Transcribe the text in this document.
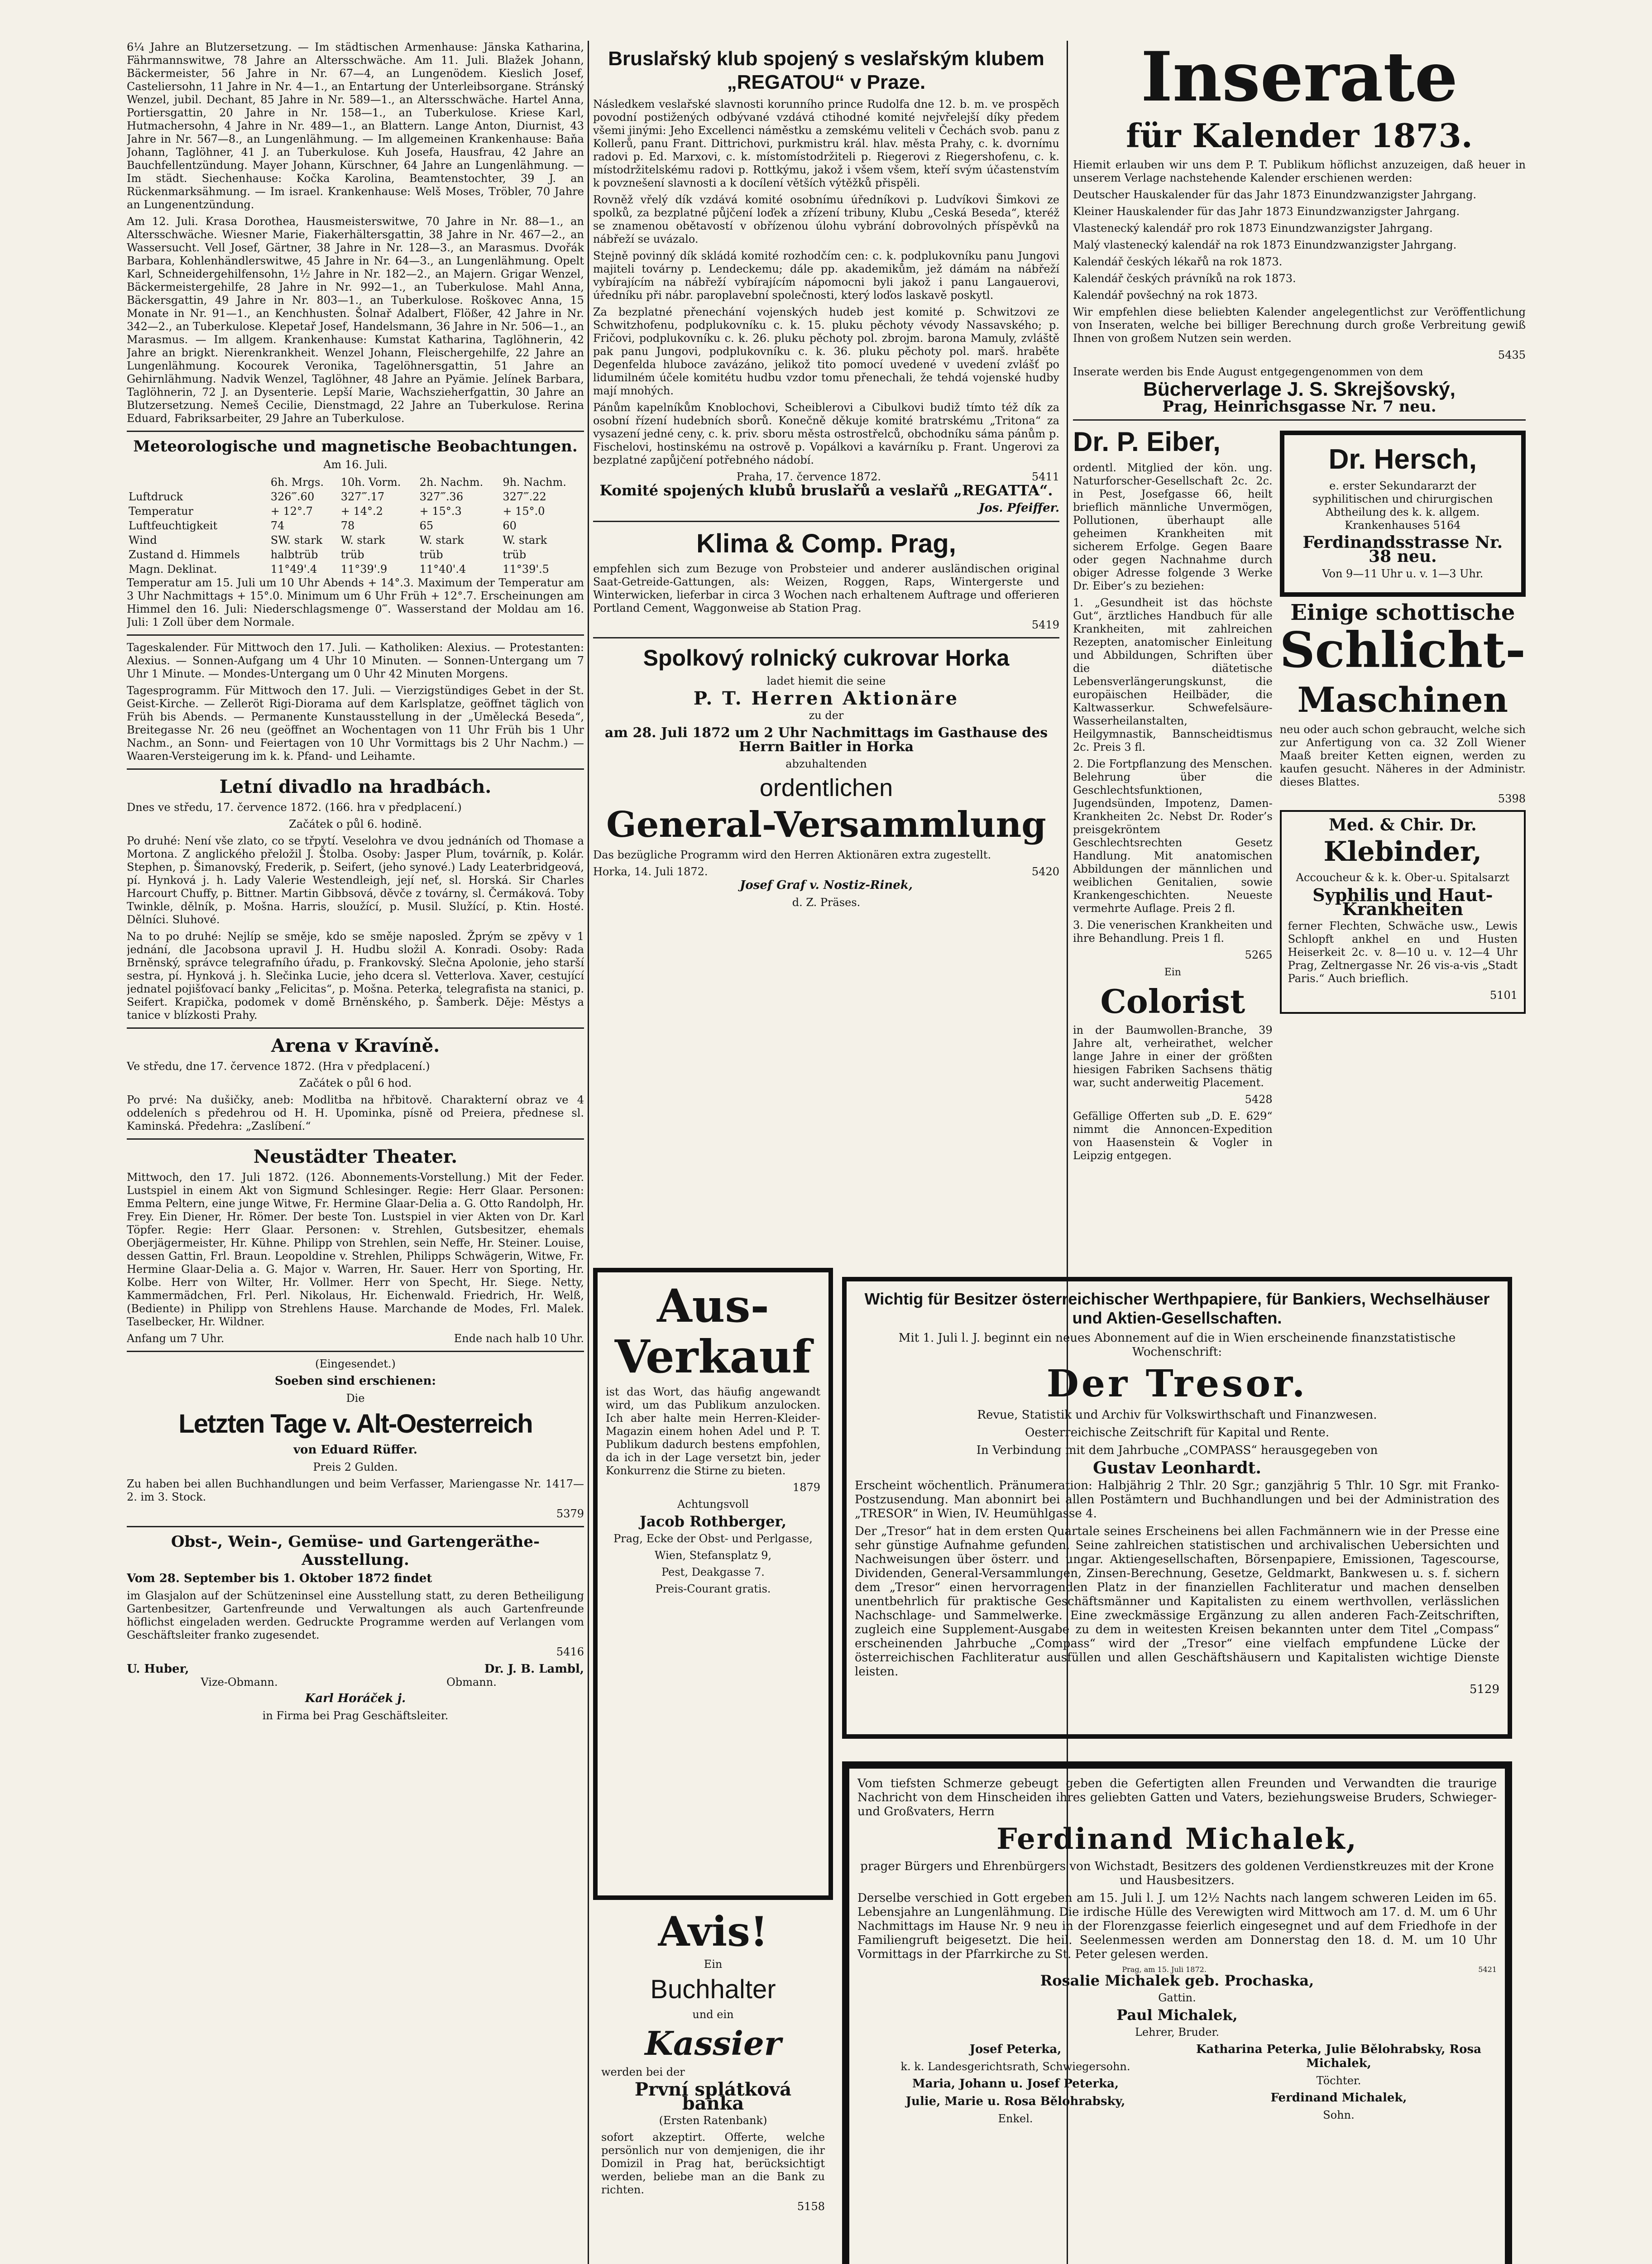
6¼ Jahre an Blutzersetzung. — Im städtischen Armenhause: Jänska Katharina, Fährmannswitwe, 78 Jahre an Altersschwäche. Am 11. Juli. Blažek Johann, Bäckermeister, 56 Jahre in Nr. 67—4, an Lungenödem. Kieslich Josef, Casteliersohn, 11 Jahre in Nr. 4—1., an Entartung der Unterleibsorgane. Stránský Wenzel, jubil. Dechant, 85 Jahre in Nr. 589—1., an Altersschwäche. Hartel Anna, Portiersgattin, 20 Jahre in Nr. 158—1., an Tuberkulose. Kriese Karl, Hutmachersohn, 4 Jahre in Nr. 489—1., an Blattern. Lange Anton, Diurnist, 43 Jahre in Nr. 567—8., an Lungenlähmung. — Im allgemeinen Krankenhause: Baňa Johann, Taglöhner, 41 J. an Tuberkulose. Kuh Josefa, Hausfrau, 42 Jahre an Bauchfellentzündung. Mayer Johann, Kürschner, 64 Jahre an Lungenlähmung. — Im städt. Siechenhause: Kočka Karolina, Beamtenstochter, 39 J. an Rückenmarksähmung. — Im israel. Krankenhause: Welš Moses, Tröbler, 70 Jahre an Lungenentzündung.

Am 12. Juli. Krasa Dorothea, Hausmeisterswitwe, 70 Jahre in Nr. 88—1., an Altersschwäche. Wiesner Marie, Fiakerhältersgattin, 38 Jahre in Nr. 467—2., an Wassersucht. Vell Josef, Gärtner, 38 Jahre in Nr. 128—3., an Marasmus. Dvořák Barbara, Kohlenhändlerswitwe, 45 Jahre in Nr. 64—3., an Lungenlähmung. Opelt Karl, Schneidergehilfensohn, 1½ Jahre in Nr. 182—2., an Majern. Grigar Wenzel, Bäckermeistergehilfe, 28 Jahre in Nr. 992—1., an Tuberkulose. Mahl Anna, Bäckersgattin, 49 Jahre in Nr. 803—1., an Tuberkulose. Roškovec Anna, 15 Monate in Nr. 91—1., an Kenchhusten. Šolnař Adalbert, Flößer, 42 Jahre in Nr. 342—2., an Tuberkulose. Klepetař Josef, Handelsmann, 36 Jahre in Nr. 506—1., an Marasmus. — Im allgem. Krankenhause: Kumstat Katharina, Taglöhnerin, 42 Jahre an brigkt. Nierenkrankheit. Wenzel Johann, Fleischergehilfe, 22 Jahre an Lungenlähmung. Kocourek Veronika, Tagelöhnersgattin, 51 Jahre an Gehirnlähmung. Nadvik Wenzel, Taglöhner, 48 Jahre an Pyämie. Jelínek Barbara, Taglöhnerin, 72 J. an Dysenterie. Lepší Marie, Wachszieherfgattin, 30 Jahre an Blutzersetzung. Nemeš Cecilie, Dienstmagd, 22 Jahre an Tuberkulose. Rerina Eduard, Fabriksarbeiter, 29 Jahre an Tuberkulose.

Meteorologische und magnetische Beobachtungen.

Am 16. Juli.

	6h. Mrgs.	10h. Vorm.	2h. Nachm.	9h. Nachm.
Luftdruck	326‴.60	327‴.17	327‴.36	327‴.22
Temperatur	+ 12°.7	+ 14°.2	+ 15°.3	+ 15°.0
Luftfeuchtigkeit	74	78	65	60
Wind	SW. stark	W. stark	W. stark	W. stark
Zustand d. Himmels	halbtrüb	trüb	trüb	trüb
Magn. Deklinat.	11°49'.4	11°39'.9	11°40'.4	11°39'.5

Temperatur am 15. Juli um 10 Uhr Abends + 14°.3. Maximum der Temperatur am 3 Uhr Nachmittags + 15°.0. Minimum um 6 Uhr Früh + 12°.7. Erscheinungen am Himmel den 16. Juli: Niederschlagsmenge 0‴. Wasserstand der Moldau am 16. Juli: 1 Zoll über dem Normale.

Tageskalender. Für Mittwoch den 17. Juli. — Katholiken: Alexius. — Protestanten: Alexius. — Sonnen-Aufgang um 4 Uhr 10 Minuten. — Sonnen-Untergang um 7 Uhr 1 Minute. — Mondes-Untergang um 0 Uhr 42 Minuten Morgens.

Tagesprogramm. Für Mittwoch den 17. Juli. — Vierzigstündiges Gebet in der St. Geist-Kirche. — Zelleröt Rigi-Diorama auf dem Karlsplatze, geöffnet täglich von Früh bis Abends. — Permanente Kunstausstellung in der „Umělecká Beseda“, Breitegasse Nr. 26 neu (geöffnet an Wochentagen von 11 Uhr Früh bis 1 Uhr Nachm., an Sonn- und Feiertagen von 10 Uhr Vormittags bis 2 Uhr Nachm.) — Waaren-Versteigerung im k. k. Pfand- und Leihamte.

Letní divadlo na hradbách.

Dnes ve středu, 17. července 1872. (166. hra v předplacení.)

Začátek o půl 6. hodině.

Po druhé: Není vše zlato, co se třpytí. Veselohra ve dvou jednáních od Thomase a Mortona. Z anglického přeložil J. Štolba. Osoby: Jasper Plum, továrník, p. Kolár. Stephen, p. Šimanovský, Frederik, p. Seifert, (jeho synové.) Lady Leaterbridgeová, pí. Hynková j. h. Lady Valerie Westendleigh, její neť, sl. Horská. Sir Charles Harcourt Chuffy, p. Bittner. Martin Gibbsová, děvče z továrny, sl. Čermáková. Toby Twinkle, dělník, p. Mošna. Harris, sloužící, p. Musil. Služící, p. Ktin. Hosté. Dělníci. Sluhové.

Na to po druhé: Nejlíp se směje, kdo se směje naposled. Žprým se zpěvy v 1 jednání, dle Jacobsona upravil J. H. Hudbu složil A. Konradi. Osoby: Rada Brněnský, správce telegrafního úřadu, p. Frankovský. Slečna Apolonie, jeho starší sestra, pí. Hynková j. h. Slečinka Lucie, jeho dcera sl. Vetterlova. Xaver, cestující jednatel pojišťovací banky „Felicitas“, p. Mošna. Peterka, telegrafista na stanici, p. Seifert. Krapička, podomek v domě Brněnského, p. Šamberk. Děje: Městys a tanice v blízkosti Prahy.

Arena v Kravíně.

Ve středu, dne 17. července 1872. (Hra v předplacení.)

Začátek o půl 6 hod.

Po prvé: Na dušičky, aneb: Modlitba na hřbitově. Charakterní obraz ve 4 oddeleních s předehrou od H. H. Upominka, písně od Preiera, přednese sl. Kaminská. Předehra: „Zaslíbení.“

Neustädter Theater.

Mittwoch, den 17. Juli 1872. (126. Abonnements-Vorstellung.) Mit der Feder. Lustspiel in einem Akt von Sigmund Schlesinger. Regie: Herr Glaar. Personen: Emma Peltern, eine junge Witwe, Fr. Hermine Glaar-Delia a. G. Otto Randolph, Hr. Frey. Ein Diener, Hr. Römer. Der beste Ton. Lustspiel in vier Akten von Dr. Karl Töpfer. Regie: Herr Glaar. Personen: v. Strehlen, Gutsbesitzer, ehemals Oberjägermeister, Hr. Kühne. Philipp von Strehlen, sein Neffe, Hr. Steiner. Louise, dessen Gattin, Frl. Braun. Leopoldine v. Strehlen, Philipps Schwägerin, Witwe, Fr. Hermine Glaar-Delia a. G. Major v. Warren, Hr. Sauer. Herr von Sporting, Hr. Kolbe. Herr von Wilter, Hr. Vollmer. Herr von Specht, Hr. Siege. Netty, Kammermädchen, Frl. Perl. Nikolaus, Hr. Eichenwald. Friedrich, Hr. Welß, (Bediente) in Philipp von Strehlens Hause. Marchande de Modes, Frl. Malek. Taselbecker, Hr. Wildner.

Anfang um 7 Uhr.	Ende nach halb 10 Uhr.

(Eingesendet.)

Soeben sind erschienen:

Die

Letzten Tage v. Alt-Oesterreich

von Eduard Rüffer.

Preis 2 Gulden.

Zu haben bei allen Buchhandlungen und beim Verfasser, Mariengasse Nr. 1417—2. im 3. Stock.

5379

Obst-, Wein-, Gemüse- und Gartengeräthe-Ausstellung.

Vom 28. September bis 1. Oktober 1872 findet

im Glasjalon auf der Schützeninsel eine Ausstellung statt, zu deren Betheiligung Gartenbesitzer, Gartenfreunde und Verwaltungen als auch Gartenfreunde höflichst eingeladen werden. Gedruckte Programme werden auf Verlangen vom Geschäftsleiter franko zugesendet.

5416

U. Huber,	Dr. J. B. Lambl,
Vize-Obmann.	Obmann.

Karl Horáček j.

in Firma bei Prag Geschäftsleiter.

Bruslařský klub spojený s veslařským klubem „REGATOU“ v Praze.

Následkem veslařské slavnosti korunního prince Rudolfa dne 12. b. m. ve prospěch povodní postižených odbývané vzdává ctihodné komité nejvřelejší díky předem všemi jinými: Jeho Excellenci náměstku a zemskému veliteli v Čechách svob. panu z Kollerů, panu Frant. Dittrichovi, purkmistru král. hlav. města Prahy, c. k. dvornímu radovi p. Ed. Marxovi, c. k. místomístodržiteli p. Riegerovi z Riegershofenu, c. k. místodržitelskému radovi p. Rottkýmu, jakož i všem všem, kteří svým účastenstvím k povznešení slavnosti a k docílení větších výtěžků přispěli.

Rovněž vřelý dík vzdává komité osobnímu úředníkovi p. Ludvíkovi Šimkovi ze spolků, za bezplatné půjčení loďek a zřízení tribuny, Klubu „Ceská Beseda“, kteréž se znamenou obětavostí v obřízenou úlohu vybrání dobrovolných příspěvků na nábřeží se uvázalo.

Stejně povinný dík skládá komité rozhodčím cen: c. k. podplukovníku panu Jungovi majiteli továrny p. Lendeckemu; dále pp. akademikům, jež dámám na nábřeží vybírajícím na nábřeží vybírajícím nápomocni byli jakož i panu Langauerovi, úředníku při nábr. paroplavební společnosti, který loďos laskavě poskytl.

Za bezplatné přenechání vojenských hudeb jest komité p. Schwitzovi ze Schwitzhofenu, podplukovníku c. k. 15. pluku pěchoty vévody Nassavského; p. Fričovi, podplukovníku c. k. 26. pluku pěchoty pol. zbrojm. barona Mamuly, zvláště pak panu Jungovi, podplukovníku c. k. 36. pluku pěchoty pol. marš. hraběte Degenfelda hluboce zavázáno, jelikož tito pomocí uvedené v uvedení zvlášť po lidumilném účele komitétu hudbu vzdor tomu přenechali, že tehdá vojenské hudby mají mnohých.

Pánům kapelníkům Knoblochovi, Scheiblerovi a Cibulkovi budiž tímto též dík za osobní řízení hudebních sborů. Konečně děkuje komité bratrskému „Tritona“ za vysazení jedné ceny, c. k. priv. sboru města ostrostřelců, obchodníku sáma pánům p. Fischelovi, hostinskému na ostrově p. Vopálkovi a kavárníku p. Frant. Ungerovi za bezplatné zapůjčení potřebného nádobí.

Praha, 17. července 1872.	5411

Komité spojených klubů bruslařů a veslařů „REGATTA“.

Jos. Pfeiffer.

Klima & Comp. Prag,

empfehlen sich zum Bezuge von Probsteier und anderer ausländischen original Saat-Getreide-Gattungen, als: Weizen, Roggen, Raps, Wintergerste und Winterwicken, lieferbar in circa 3 Wochen nach erhaltenem Auftrage und offerieren Portland Cement, Waggonweise ab Station Prag.

5419

Spolkový rolnický cukrovar Horka

ladet hiemit die seine

P. T. Herren Aktionäre

zu der

am 28. Juli 1872 um 2 Uhr Nachmittags im Gasthause des Herrn Baitler in Horka

abzuhaltenden

ordentlichen

General-Versammlung

Das bezügliche Programm wird den Herren Aktionären extra zugestellt.

Horka, 14. Juli 1872.	5420

Josef Graf v. Nostiz-Rinek,

d. Z. Präses.

Aus-Verkauf

ist das Wort, das häufig angewandt wird, um das Publikum anzulocken. Ich aber halte mein Herren-Kleider-Magazin einem hohen Adel und P. T. Publikum dadurch bestens empfohlen, da ich in der Lage versetzt bin, jeder Konkurrenz die Stirne zu bieten.

1879

Achtungsvoll

Jacob Rothberger,

Prag, Ecke der Obst- und Perlgasse,

Wien, Stefansplatz 9,

Pest, Deakgasse 7.

Preis-Courant gratis.

Avis!

Ein

Buchhalter

und ein

Kassier

werden bei der

První splátková banka

(Ersten Ratenbank)

sofort akzeptirt. Offerte, welche persönlich nur von demjenigen, die ihr Domizil in Prag hat, berücksichtigt werden, beliebe man an die Bank zu richten.

5158

Inserate

für Kalender 1873.

Hiemit erlauben wir uns dem P. T. Publikum höflichst anzuzeigen, daß heuer in unserem Verlage nachstehende Kalender erschienen werden:

Deutscher Hauskalender für das Jahr 1873 Einundzwanzigster Jahrgang.

Kleiner Hauskalender für das Jahr 1873 Einundzwanzigster Jahrgang.

Vlastenecký kalendář pro rok 1873 Einundzwanzigster Jahrgang.

Malý vlastenecký kalendář na rok 1873 Einundzwanzigster Jahrgang.

Kalendář českých lékařů na rok 1873.

Kalendář českých právníků na rok 1873.

Kalendář povšechný na rok 1873.

Wir empfehlen diese beliebten Kalender angelegentlichst zur Veröffentlichung von Inseraten, welche bei billiger Berechnung durch große Verbreitung gewiß Ihnen von großem Nutzen sein werden.

5435

Inserate werden bis Ende August entgegengenommen von dem

Bücherverlage J. S. Skrejšovský,

Prag, Heinrichsgasse Nr. 7 neu.

Dr. P. Eiber,

ordentl. Mitglied der kön. ung. Naturforscher-Gesellschaft 2c. 2c. in Pest, Josefgasse 66, heilt brieflich männliche Unvermögen, Pollutionen, überhaupt alle geheimen Krankheiten mit sicherem Erfolge. Gegen Baare oder gegen Nachnahme durch obiger Adresse folgende 3 Werke Dr. Eiber’s zu beziehen:

1. „Gesundheit ist das höchste Gut“, ärztliches Handbuch für alle Krankheiten, mit zahlreichen Rezepten, anatomischer Einleitung und Abbildungen, Schriften über die diätetische Lebensverlängerungskunst, die europäischen Heilbäder, die Kaltwasserkur. Schwefelsäure-Wasserheilanstalten, Heilgymnastik, Bannscheidtismus 2c. Preis 3 fl.

2. Die Fortpflanzung des Menschen. Belehrung über die Geschlechtsfunktionen, Jugendsünden, Impotenz, Damen-Krankheiten 2c. Nebst Dr. Roder’s preisgekröntem Geschlechtsrechten Gesetz Handlung. Mit anatomischen Abbildungen der männlichen und weiblichen Genitalien, sowie Krankengeschichten. Neueste vermehrte Auflage. Preis 2 fl.

3. Die venerischen Krankheiten und ihre Behandlung. Preis 1 fl.

5265

Ein

Colorist

in der Baumwollen-Branche, 39 Jahre alt, verheirathet, welcher lange Jahre in einer der größten hiesigen Fabriken Sachsens thätig war, sucht anderweitig Placement.

5428

Gefällige Offerten sub „D. E. 629“ nimmt die Annoncen-Expedition von Haasenstein & Vogler in Leipzig entgegen.

Dr. Hersch,

e. erster Sekundararzt der syphilitischen und chirurgischen Abtheilung des k. k. allgem. Krankenhauses 5164

Ferdinandsstrasse Nr. 38 neu.

Von 9—11 Uhr u. v. 1—3 Uhr.

Einige schottische

Schlicht-

Maschinen

neu oder auch schon gebraucht, welche sich zur Anfertigung von ca. 32 Zoll Wiener Maaß breiter Ketten eignen, werden zu kaufen gesucht. Näheres in der Administr. dieses Blattes.

5398

Med. & Chir. Dr.

Klebinder,

Accoucheur & k. k. Ober-u. Spitalsarzt

Syphilis und Haut-Krankheiten

ferner Flechten, Schwäche usw., Lewis Schlopft ankhel en und Husten Heiserkeit 2c. v. 8—10 u. v. 12—4 Uhr Prag, Zeltnergasse Nr. 26 vis-a-vis „Stadt Paris.“ Auch brieflich.

5101

Wichtig für Besitzer österreichischer Werthpapiere, für Bankiers, Wechselhäuser und Aktien-Gesellschaften.

Mit 1. Juli l. J. beginnt ein neues Abonnement auf die in Wien erscheinende finanzstatistische Wochenschrift:

Der Tresor.

Revue, Statistik und Archiv für Volkswirthschaft und Finanzwesen.

Oesterreichische Zeitschrift für Kapital und Rente.

In Verbindung mit dem Jahrbuche „COMPASS“ herausgegeben von

Gustav Leonhardt.

Erscheint wöchentlich. Pränumeration: Halbjährig 2 Thlr. 20 Sgr.; ganzjährig 5 Thlr. 10 Sgr. mit Franko-Postzusendung. Man abonnirt bei allen Postämtern und Buchhandlungen und bei der Administration des „TRESOR“ in Wien, IV. Heumühlgasse 4.

Der „Tresor“ hat in dem ersten Quartale seines Erscheinens bei allen Fachmännern wie in der Presse eine sehr günstige Aufnahme gefunden. Seine zahlreichen statistischen und archivalischen Uebersichten und Nachweisungen über österr. und ungar. Aktiengesellschaften, Börsenpapiere, Emissionen, Tagescourse, Dividenden, General-Versammlungen, Zinsen-Berechnung, Gesetze, Geldmarkt, Bankwesen u. s. f. sichern dem „Tresor“ einen hervorragenden Platz in der finanziellen Fachliteratur und machen denselben unentbehrlich für praktische Geschäftsmänner und Kapitalisten zu einem werthvollen, verlässlichen Nachschlage- und Sammelwerke. Eine zweckmässige Ergänzung zu allen anderen Fach-Zeitschriften, zugleich eine Supplement-Ausgabe zu dem in weitesten Kreisen bekannten unter dem Titel „Compass“ erscheinenden Jahrbuche „Compass“ wird der „Tresor“ eine vielfach empfundene Lücke der österreichischen Fachliteratur ausfüllen und allen Geschäftshäusern und Kapitalisten wichtige Dienste leisten.

5129

Vom tiefsten Schmerze gebeugt geben die Gefertigten allen Freunden und Verwandten die traurige Nachricht von dem Hinscheiden ihres geliebten Gatten und Vaters, beziehungsweise Bruders, Schwieger- und Großvaters, Herrn

Ferdinand Michalek,

prager Bürgers und Ehrenbürgers von Wichstadt, Besitzers des goldenen Verdienstkreuzes mit der Krone und Hausbesitzers.

Derselbe verschied in Gott ergeben am 15. Juli l. J. um 12½ Nachts nach langem schweren Leiden im 65. Lebensjahre an Lungenlähmung. Die irdische Hülle des Verewigten wird Mittwoch am 17. d. M. um 6 Uhr Nachmittags im Hause Nr. 9 neu in der Florenzgasse feierlich eingesegnet und auf dem Friedhofe in der Familiengruft beigesetzt. Die heil. Seelenmessen werden am Donnerstag den 18. d. M. um 10 Uhr Vormittags in der Pfarrkirche zu St. Peter gelesen werden.

Prag, am 15. Juli 1872.	5421

Rosalie Michalek geb. Prochaska,

Gattin.

Paul Michalek,

Lehrer, Bruder.

Josef Peterka,

k. k. Landesgerichtsrath, Schwiegersohn.

Maria, Johann u. Josef Peterka,

Julie, Marie u. Rosa Bělohrabsky,

Enkel.

Katharina Peterka, Julie Bělohrabsky, Rosa Michalek,

Töchter.

Ferdinand Michalek,

Sohn.
